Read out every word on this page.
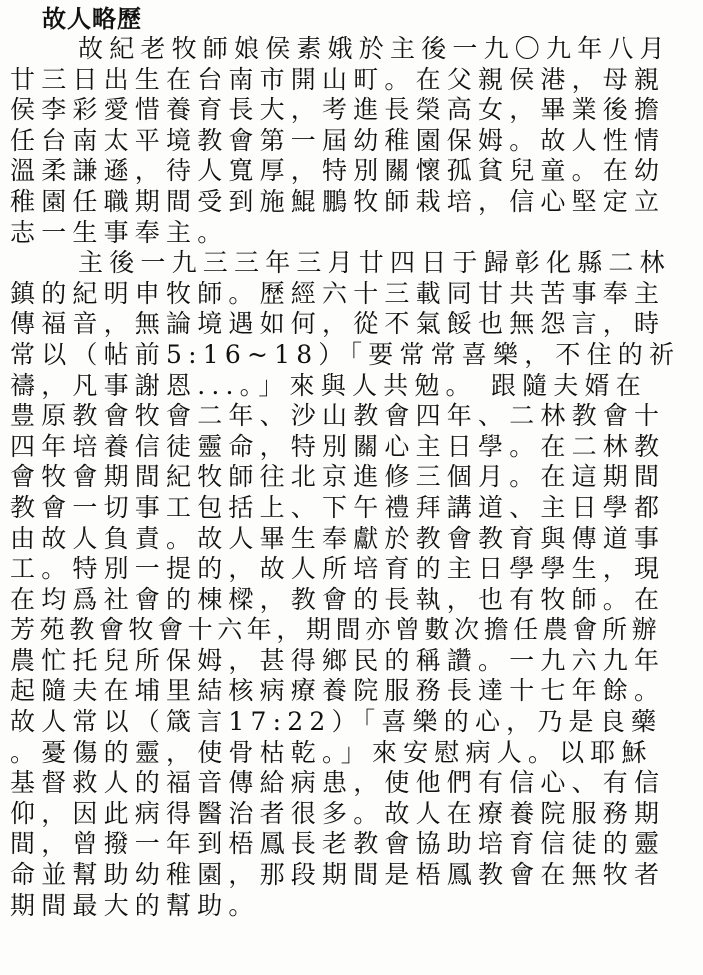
故人略歷
故紀老牧師娘侯素娥於主後一九〇九年八月
廿三日出生在台南市開山町。在父親侯港，母親
侯李彩愛惜養育長大，考進長榮高女，畢業後擔
任台南太平境教會第一屆幼稚園保姆。故人性情
溫柔謙遜，待人寬厚，特別關懷孤貧兒童。在幼
稚園任職期間受到施鯤鵬牧師栽培，信心堅定立
志一生事奉主。
主後一九三三年三月廿四日于歸彰化縣二林
鎮的紀明申牧師。歷經六十三載同甘共苦事奉主
傳福音，無論境遇如何，從不氣餒也無怨言，時
常以（帖前5:16~18）「要常常喜樂，不住的祈
禱，凡事謝恩...。」來與人共勉。 跟隨夫婿在
豊原教會牧會二年、沙山教會四年、二林教會十
四年培養信徒靈命，特別關心主日學。在二林教
會牧會期間紀牧師往北京進修三個月。在這期間
教會一切事工包括上、下午禮拜講道、主日學都
由故人負責。故人畢生奉獻於教會教育與傳道事
工。特別一提的，故人所培育的主日學學生，現
在均爲社會的棟樑，教會的長執，也有牧師。在
芳苑教會牧會十六年，期間亦曾數次擔任農會所辦
農忙托兒所保姆，甚得鄉民的稱讚。一九六九年
起隨夫在埔里結核病療養院服務長達十七年餘。
故人常以（箴言17:22）「喜樂的心，乃是良藥
。憂傷的靈，使骨枯乾。」來安慰病人。以耶穌
基督救人的福音傳給病患，使他們有信心、有信
仰，因此病得醫治者很多。故人在療養院服務期
間，曾撥一年到梧鳳長老教會協助培育信徒的靈
命並幫助幼稚園，那段期間是梧鳳教會在無牧者
期間最大的幫助。
